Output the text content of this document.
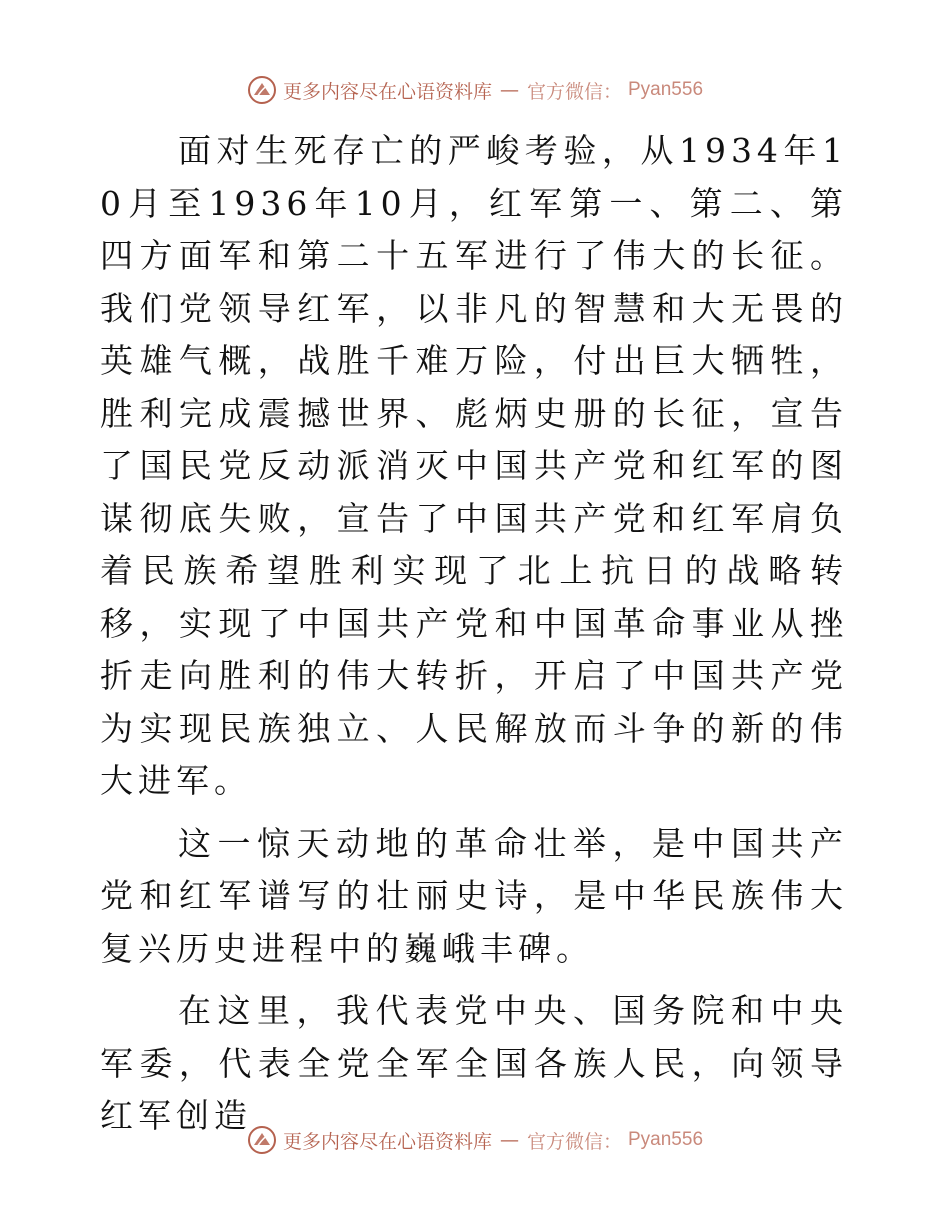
更多内容尽在心语资料库 — 官方微信： Pyan556

面对生死存亡的严峻考验，从1934年10月至1936年10月，红军第一、第二、第四方面军和第二十五军进行了伟大的长征。我们党领导红军，以非凡的智慧和大无畏的英雄气概，战胜千难万险，付出巨大牺牲，胜利完成震撼世界、彪炳史册的长征，宣告了国民党反动派消灭中国共产党和红军的图谋彻底失败，宣告了中国共产党和红军肩负着民族希望胜利实现了北上抗日的战略转移，实现了中国共产党和中国革命事业从挫折走向胜利的伟大转折，开启了中国共产党为实现民族独立、人民解放而斗争的新的伟大进军。

这一惊天动地的革命壮举，是中国共产党和红军谱写的壮丽史诗，是中华民族伟大复兴历史进程中的巍峨丰碑。

在这里，我代表党中央、国务院和中央军委，代表全党全军全国各族人民，向领导红军创造

更多内容尽在心语资料库 — 官方微信： Pyan556
